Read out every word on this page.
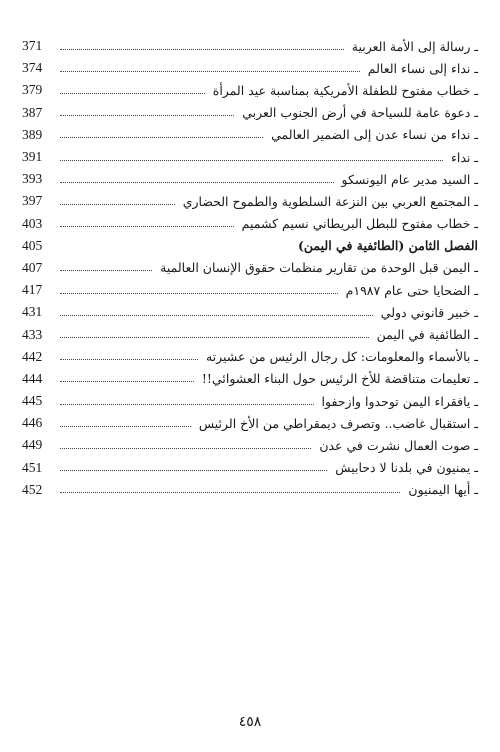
ـ رسالة إلى الأمة العربية
371
ـ نداء إلى نساء العالم
374
ـ خطاب مفتوح للطفلة الأمريكية بمناسبة عيد المرأة
379
ـ دعوة عامة للسياحة في أرض الجنوب العربي
387
ـ نداء من نساء عدن إلى الضمير العالمي
389
ـ نداء
391
ـ السيد مدير عام اليونسكو
393
ـ المجتمع العربي بين النزعة السلطوية والطموح الحضاري
397
ـ خطاب مفتوح للبطل البريطاني نسيم كشميم
403
الفصل الثامن (الطائفية في اليمن)
405
ـ اليمن قبل الوحدة من تقارير منظمات حقوق الإنسان العالمية
407
ـ الضحايا حتى عام ١٩٨٧م
417
ـ خبير قانوني دولي
431
ـ الطائفية في اليمن
433
ـ بالأسماء والمعلومات: كل رجال الرئيس من عشيرته
442
ـ تعليمات متناقضة للأخ الرئيس حول البناء العشوائي!!
444
ـ يافقراء اليمن توحدوا وازحفوا
445
ـ استقبال غاضب.. وتصرف ديمقراطي من الأخ الرئيس
446
ـ صوت العمال نشرت في عدن
449
ـ يمنيون في بلدنا لا دحابيش
451
ـ أيها اليمنيون
452
٤٥٨
